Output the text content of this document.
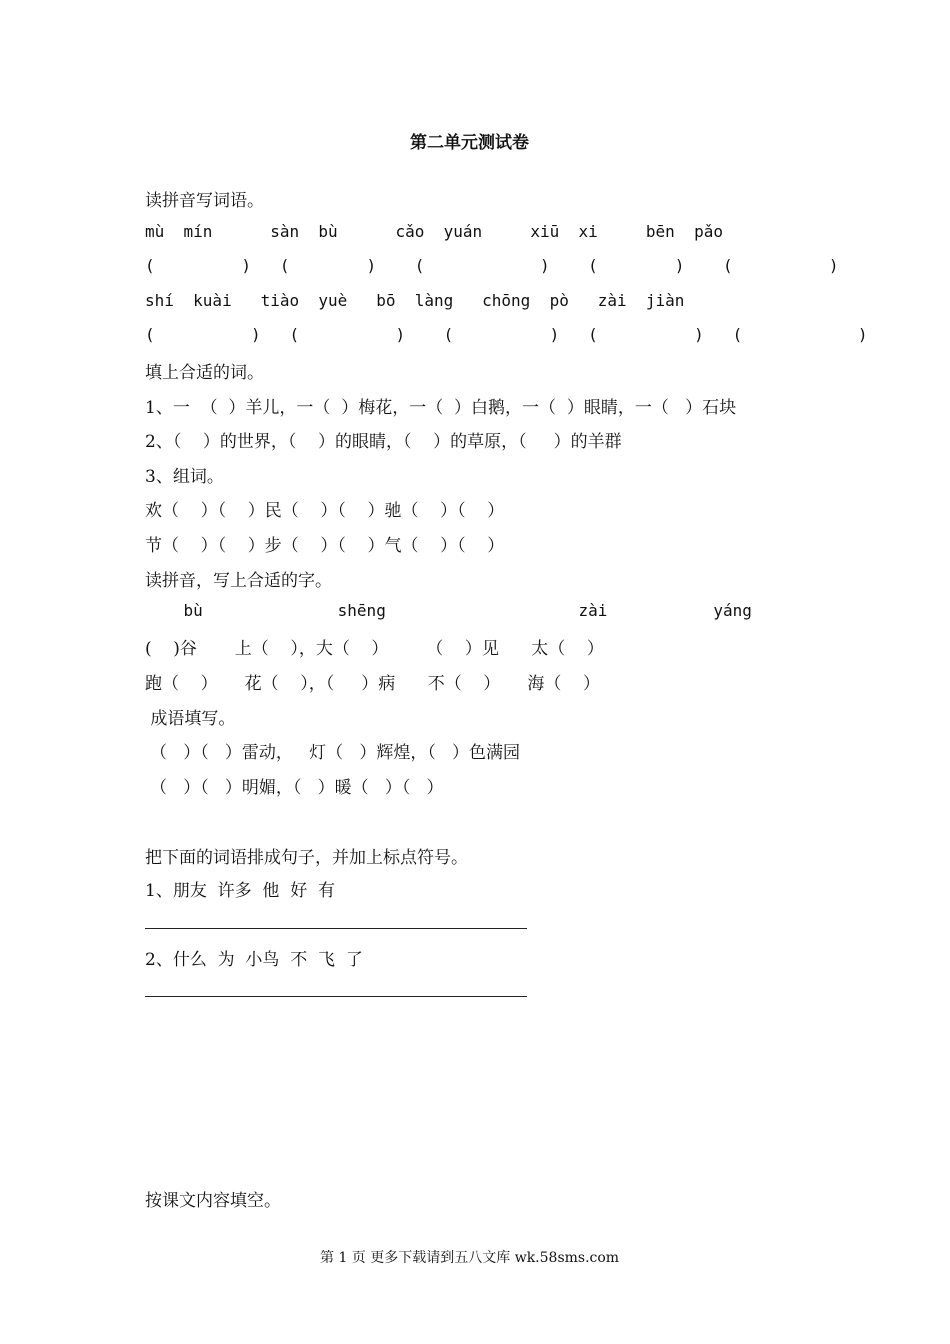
第二单元测试卷
读拼音写词语。
mù  mín      sàn  bù      cǎo  yuán     xiū  xi     bēn  pǎo
(         )   (        )    (            )    (        )    (          )
shí  kuài   tiào  yuè   bō  làng   chōng  pò   zài  jiàn
(          )   (          )    (          )   (          )   (            )
填上合适的词。
1、一  （  ）羊儿，一（  ）梅花，一（  ）白鹅，一（  ）眼睛，一（   ）石块
2、（    ）的世界，（    ）的眼睛，（    ）的草原，（     ）的羊群
3、组词。
欢（    ）（    ）民（    ）（    ）驰（    ）（    ）
节（    ）（    ）步（    ）（    ）气（    ）（    ）
读拼音，写上合适的字。
bù              shēng                    zài           yáng
(    )谷       上（    ），大（    ）       （    ）见      太（    ）
跑（    ）     花（    ），（     ）病      不（    ）     海（    ）
成语填写。
（   ）（   ）雷动，   灯（   ）辉煌，（   ）色满园
（   ）（   ）明媚，（   ）暖（   ）（   ）
把下面的词语排成句子，并加上标点符号。
1、朋友  许多  他  好  有
2、什么  为  小鸟  不  飞  了
按课文内容填空。
第 1 页 更多下载请到五八文库 wk.58sms.com
